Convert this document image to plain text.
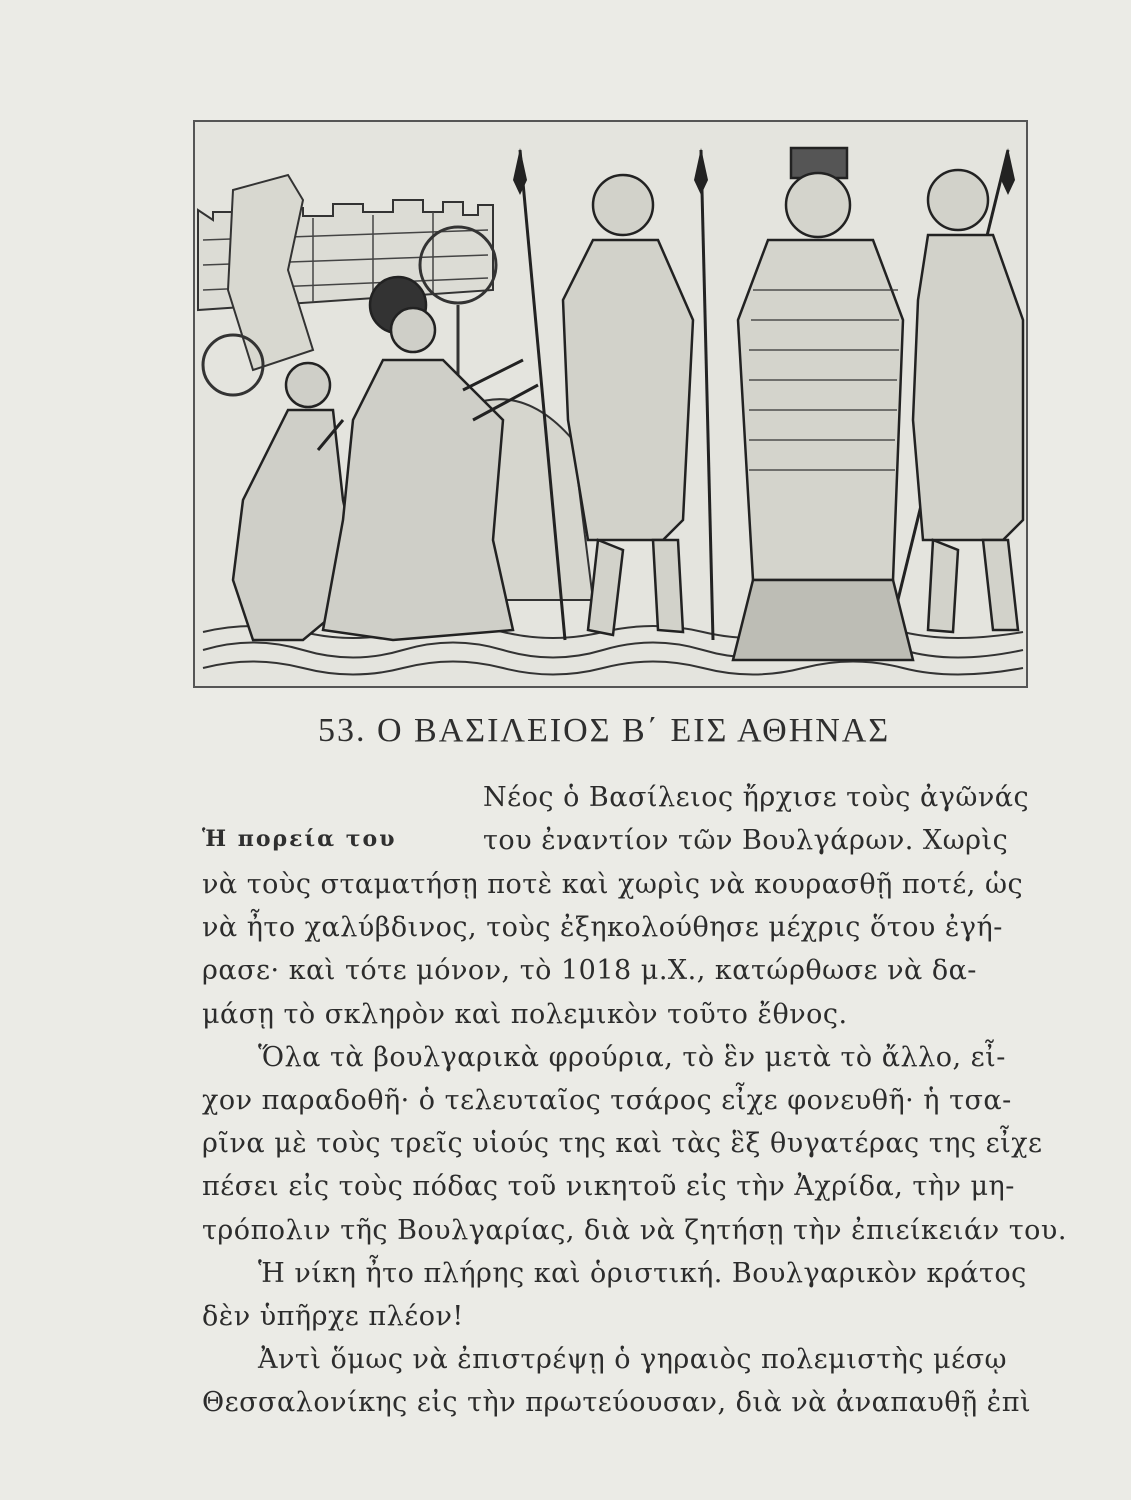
53. Ο ΒΑΣΙΛΕΙΟΣ Β΄ ΕΙΣ ΑΘΗΝΑΣ
Ἡ πορεία του
Νέος ὁ Βασίλειος ἤρχισε τοὺς ἀγῶνάς
του ἐναντίον τῶν Βουλγάρων. Χωρὶς
νὰ τοὺς σταματήσῃ ποτὲ καὶ χωρὶς νὰ κουρασθῇ ποτέ, ὡς
νὰ ἦτο χαλύβδινος, τοὺς ἐξηκολούθησε μέχρις ὅτου ἐγή-
ρασε· καὶ τότε μόνον, τὸ 1018 μ.Χ., κατώρθωσε νὰ δα-
μάσῃ τὸ σκληρὸν καὶ πολεμικὸν τοῦτο ἔθνος.
Ὅλα τὰ βουλγαρικὰ φρούρια, τὸ ἓν μετὰ τὸ ἄλλο, εἶ-
χον παραδοθῆ· ὁ τελευταῖος τσάρος εἶχε φονευθῆ· ἡ τσα-
ρῖνα μὲ τοὺς τρεῖς υἱούς της καὶ τὰς ἓξ θυγατέρας της εἶχε
πέσει εἰς τοὺς πόδας τοῦ νικητοῦ εἰς τὴν Ἀχρίδα, τὴν μη-
τρόπολιν τῆς Βουλγαρίας, διὰ νὰ ζητήσῃ τὴν ἐπιείκειάν του.
Ἡ νίκη ἦτο πλήρης καὶ ὁριστική. Βουλγαρικὸν κράτος
δὲν ὑπῆρχε πλέον!
Ἀντὶ ὅμως νὰ ἐπιστρέψῃ ὁ γηραιὸς πολεμιστὴς μέσῳ
Θεσσαλονίκης εἰς τὴν πρωτεύουσαν, διὰ νὰ ἀναπαυθῇ ἐπὶ
